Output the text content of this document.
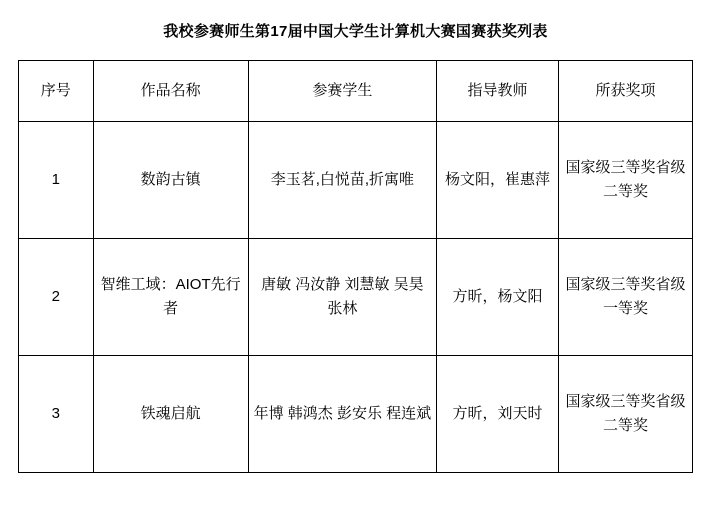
我校参赛师生第17届中国大学生计算机大赛国赛获奖列表
序号	作品名称	参赛学生	指导教师	所获奖项
1	数韵古镇	李玉茗,白悦苗,折寓唯	杨文阳，崔惠萍	国家级三等奖省级二等奖
2	智维工域：AIOT先行者	唐敏 冯汝静 刘慧敏 吴昊 张林	方昕，杨文阳	国家级三等奖省级一等奖
3	铁魂启航	年博 韩鸿杰 彭安乐 程连斌	方昕，刘天时	国家级三等奖省级二等奖
